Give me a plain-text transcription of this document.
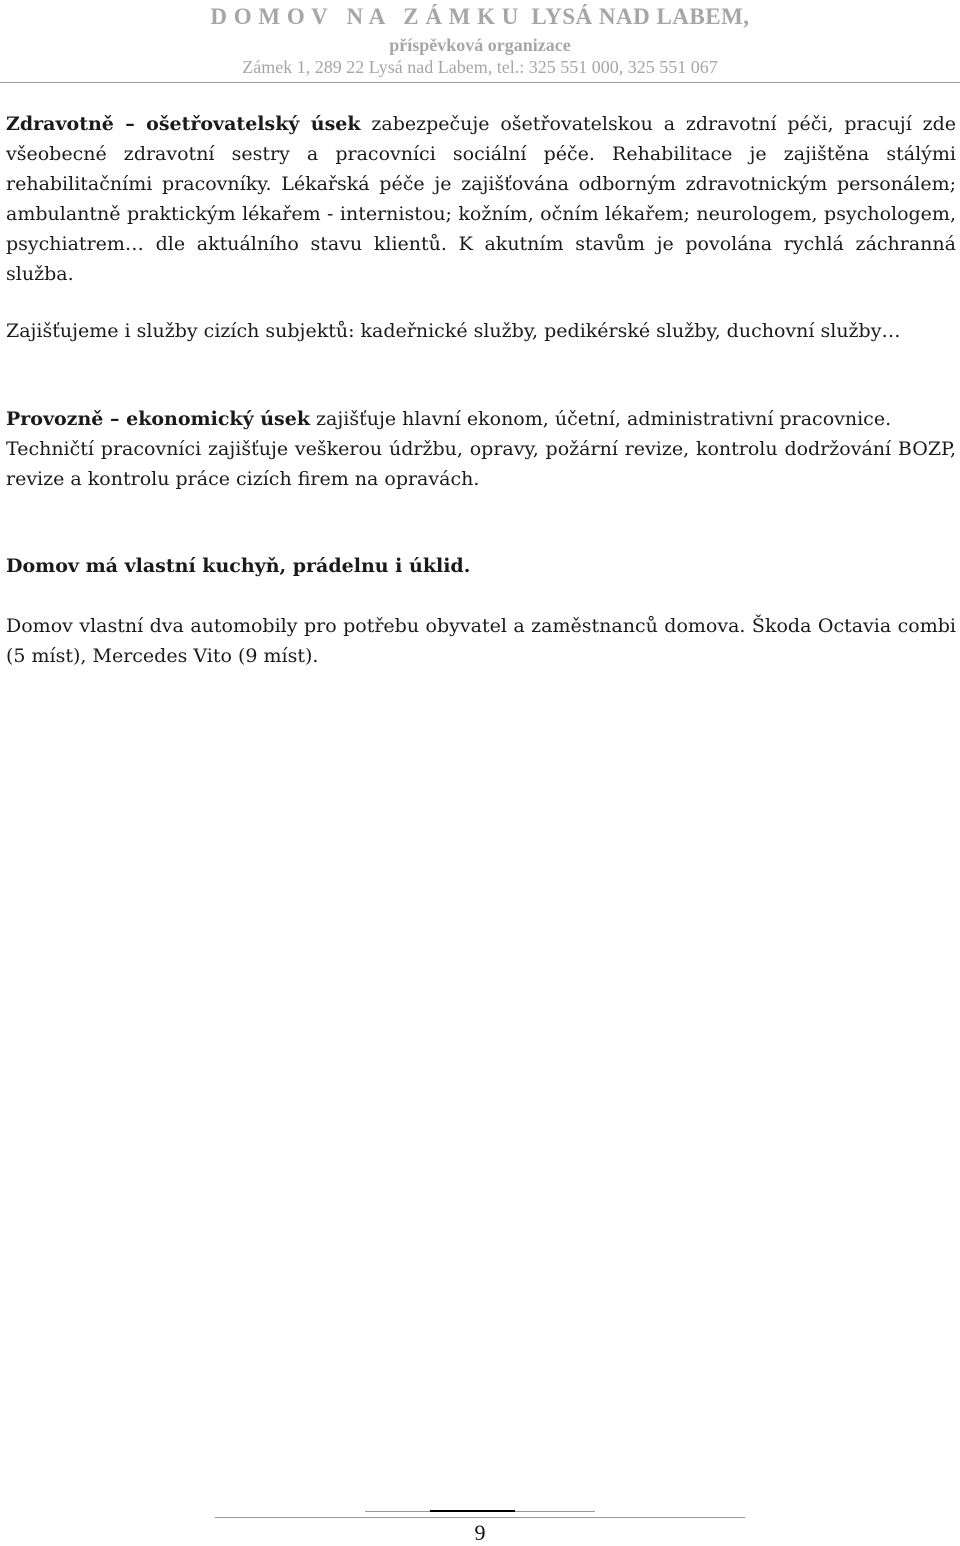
D O M O V   N A   Z Á M K U  LYSÁ NAD LABEM,
příspěvková organizace
Zámek 1, 289 22 Lysá nad Labem, tel.: 325 551 000, 325 551 067

Zdravotně – ošetřovatelský úsek zabezpečuje ošetřovatelskou a zdravotní péči, pracují zde všeobecné zdravotní sestry a pracovníci sociální péče. Rehabilitace je zajištěna stálými rehabilitačními pracovníky. Lékařská péče je zajišťována odborným zdravotnickým personálem; ambulantně praktickým lékařem - internistou; kožním, očním lékařem; neurologem, psychologem, psychiatrem… dle aktuálního stavu klientů. K akutním stavům je povolána rychlá záchranná služba.

Zajišťujeme i služby cizích subjektů: kadeřnické služby, pedikérské služby, duchovní služby…

Provozně – ekonomický úsek zajišťuje hlavní ekonom, účetní, administrativní pracovnice.

Techničtí pracovníci zajišťuje veškerou údržbu, opravy, požární revize, kontrolu dodržování BOZP, revize a kontrolu práce cizích firem na opravách.

Domov má vlastní kuchyň, prádelnu i úklid.

Domov vlastní dva automobily pro potřebu obyvatel a zaměstnanců domova. Škoda Octavia combi (5 míst), Mercedes Vito (9 míst).

9
